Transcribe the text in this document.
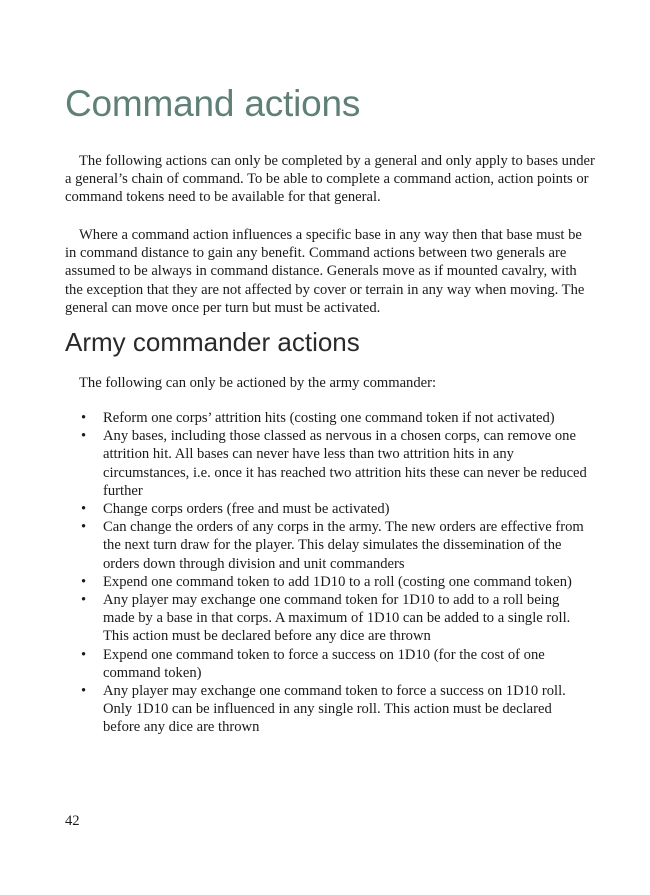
Command actions

The following actions can only be completed by a general and only apply to bases under a general’s chain of command. To be able to complete a command action, action points or command tokens need to be available for that general.

Where a command action influences a specific base in any way then that base must be in command distance to gain any benefit. Command actions between two generals are assumed to be always in command distance. Generals move as if mounted cavalry, with the exception that they are not affected by cover or terrain in any way when moving. The general can move once per turn but must be activated.

Army commander actions

The following can only be actioned by the army commander:

• Reform one corps’ attrition hits (costing one command token if not activated)
• Any bases, including those classed as nervous in a chosen corps, can remove one attrition hit. All bases can never have less than two attrition hits in any circumstances, i.e. once it has reached two attrition hits these can never be reduced further
• Change corps orders (free and must be activated)
• Can change the orders of any corps in the army. The new orders are effective from the next turn draw for the player. This delay simulates the dissemination of the orders down through division and unit commanders
• Expend one command token to add 1D10 to a roll (costing one command token)
• Any player may exchange one command token for 1D10 to add to a roll being made by a base in that corps. A maximum of 1D10 can be added to a single roll. This action must be declared before any dice are thrown
• Expend one command token to force a success on 1D10 (for the cost of one command token)
• Any player may exchange one command token to force a success on 1D10 roll. Only 1D10 can be influenced in any single roll. This action must be declared before any dice are thrown

42
